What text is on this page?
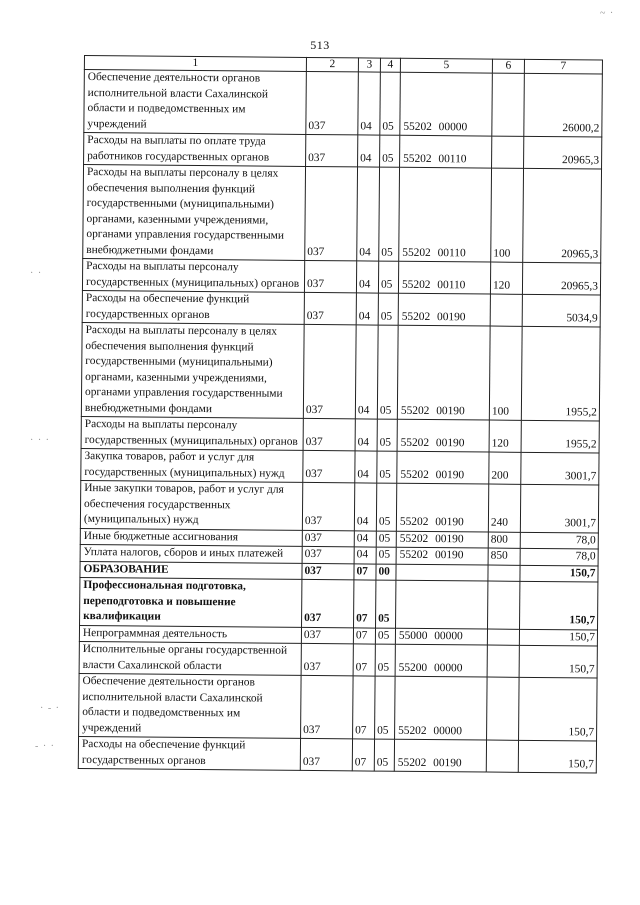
513
· ·
· · ·
· - ·
- · ·
~ ·
1	2	3	4	5	6	7
Обеспечение деятельности органов исполнительной власти Сахалинской области и подведомственных им учреждений	037	04	05	55202 00000		26000,2
Расходы на выплаты по оплате труда работников государственных органов	037	04	05	55202 00110		20965,3
Расходы на выплаты персоналу в целях обеспечения выполнения функций государственными (муниципальными) органами, казенными учреждениями, органами управления государственными внебюджетными фондами	037	04	05	55202 00110	100	20965,3
Расходы на выплаты персоналу государственных (муниципальных) органов	037	04	05	55202 00110	120	20965,3
Расходы на обеспечение функций государственных органов	037	04	05	55202 00190		5034,9
Расходы на выплаты персоналу в целях обеспечения выполнения функций государственными (муниципальными) органами, казенными учреждениями, органами управления государственными внебюджетными фондами	037	04	05	55202 00190	100	1955,2
Расходы на выплаты персоналу государственных (муниципальных) органов	037	04	05	55202 00190	120	1955,2
Закупка товаров, работ и услуг для государственных (муниципальных) нужд	037	04	05	55202 00190	200	3001,7
Иные закупки товаров, работ и услуг для обеспечения государственных (муниципальных) нужд	037	04	05	55202 00190	240	3001,7
Иные бюджетные ассигнования	037	04	05	55202 00190	800	78,0
Уплата налогов, сборов и иных платежей	037	04	05	55202 00190	850	78,0
ОБРАЗОВАНИЕ	037	07	00			150,7
Профессиональная подготовка, переподготовка и повышение квалификации	037	07	05			150,7
Непрограммная деятельность	037	07	05	55000 00000		150,7
Исполнительные органы государственной власти Сахалинской области	037	07	05	55200 00000		150,7
Обеспечение деятельности органов исполнительной власти Сахалинской области и подведомственных им учреждений	037	07	05	55202 00000		150,7
Расходы на обеспечение функций государственных органов	037	07	05	55202 00190		150,7
